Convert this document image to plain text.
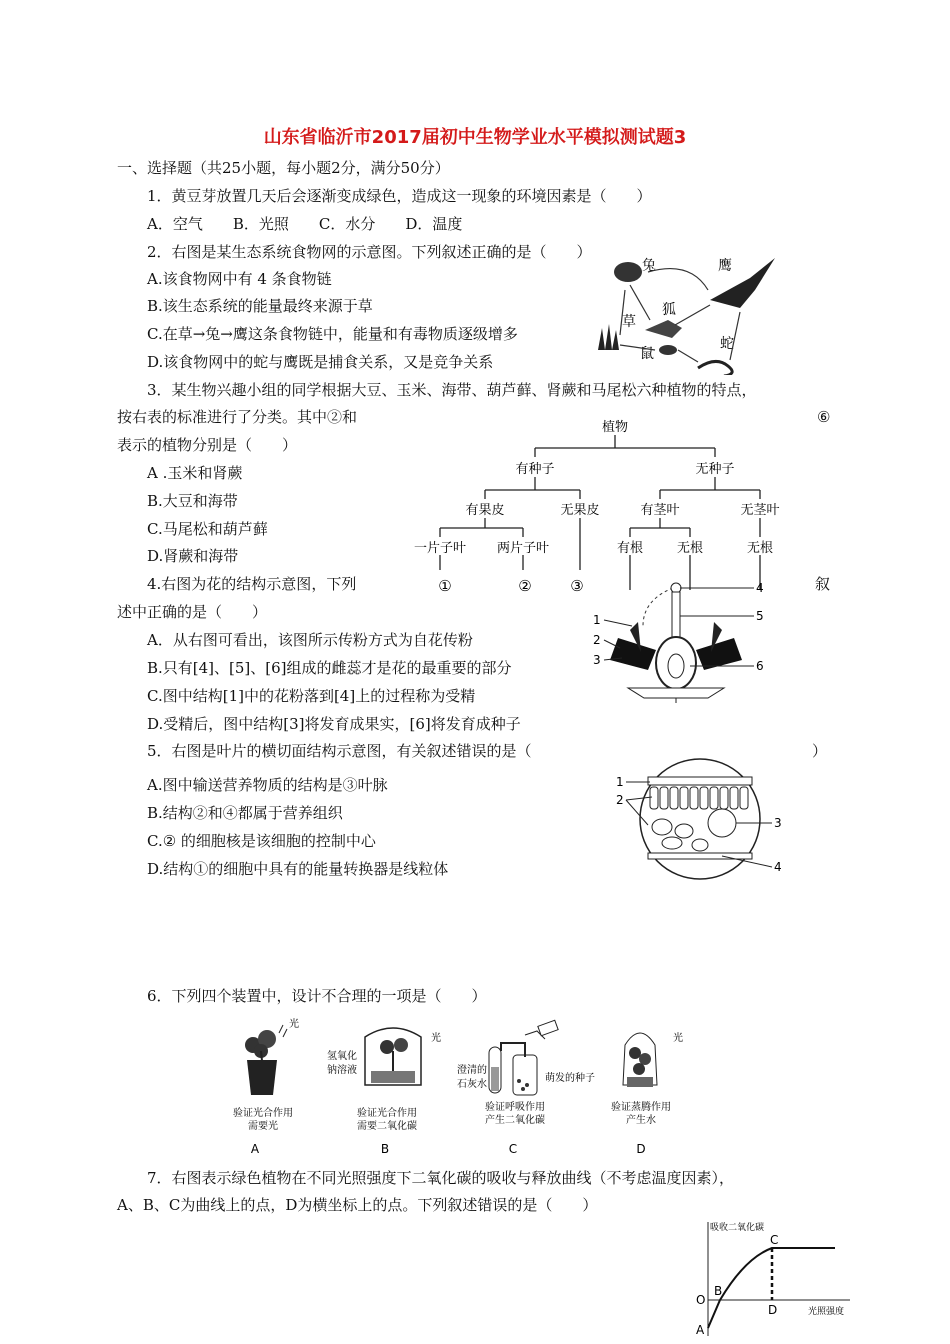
山东省临沂市2017届初中生物学业水平模拟测试题3
一、选择题（共25小题，每小题2分，满分50分）
1．黄豆芽放置几天后会逐渐变成绿色，造成这一现象的环境因素是（　　）
A．空气　　B．光照　　C．水分　　D．温度
2．右图是某生态系统食物网的示意图。下列叙述正确的是（　　）
A.该食物网中有 4 条食物链
B.该生态系统的能量最终来源于草
C.在草→兔→鹰这条食物链中，能量和有毒物质逐级增多
D.该食物网中的蛇与鹰既是捕食关系，又是竞争关系
兔	鹰
狐
草
鼠
蛇
3．某生物兴趣小组的同学根据大豆、玉米、海带、葫芦藓、肾蕨和马尾松六种植物的特点，
按右表的标准进行了分类。其中②和	⑥
表示的植物分别是（　　）
A .玉米和肾蕨
B.大豆和海带
C.马尾松和葫芦藓
D.肾蕨和海带
植物
有种子	无种子
有果皮	无果皮	有茎叶	无茎叶
一片子叶 两片子叶	有根	无根	无根
①	②	③
4.右图为花的结构示意图，下列	叙
述中正确的是（　　）
A．从右图可看出，该图所示传粉方式为自花传粉
B.只有[4]、[5]、[6]组成的雌蕊才是花的最重要的部分
C.图中结构[1]中的花粉落到[4]上的过程称为受精
D.受精后，图中结构[3]将发育成果实，[6]将发育成种子
1
2
3
4
5
6
5．右图是叶片的横切面结构示意图，有关叙述错误的是（	）
A.图中输送营养物质的结构是③叶脉
B.结构②和④都属于营养组织
C.② 的细胞核是该细胞的控制中心
D.结构①的细胞中具有的能量转换器是线粒体
1
2
3
4
6．下列四个装置中，设计不合理的一项是（　　）
光
光
氢氧化
钠溶液	澄清的
石灰水
萌发的种子
光
验证光合作用
需要光
验证光合作用
需要二氧化碳
验证呼吸作用
产生二氧化碳
验证蒸腾作用
产生水
A	B	C	D
7．右图表示绿色植物在不同光照强度下二氧化碳的吸收与释放曲线（不考虑温度因素），
A、B、C为曲线上的点，D为横坐标上的点。下列叙述错误的是（　　）
吸收二氧化碳
光照强度
O
A
B
C
D
